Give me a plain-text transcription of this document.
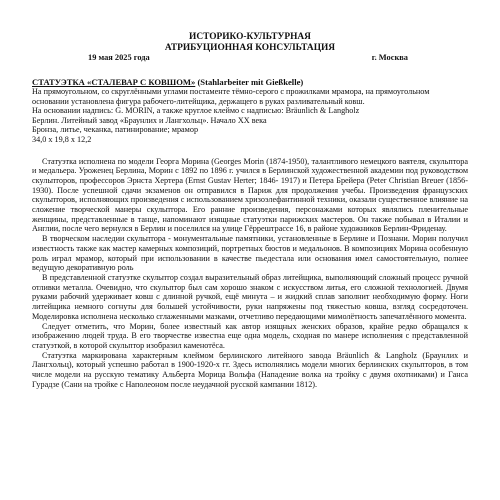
ИСТОРИКО-КУЛЬТУРНАЯ
АТРИБУЦИОННАЯ КОНСУЛЬТАЦИЯ
19 мая 2025 года	г. Москва
СТАТУЭТКА «СТАЛЕВАР С КОВШОМ» (Stahlarbeiter mit Gießkelle)

На прямоугольном, со скруглёнными углами постаменте тёмно-серого с прожилками мрамора, на прямоугольном основании установлена фигура рабочего-литейщика, держащего в руках разливательный ковш.

На основании надпись: G. MORIN, а также круглое клеймо с надписью: Bräunlich & Langholz

Берлин. Литейный завод «Браунлих и Лангхольц». Начало XX века

Бронза, литье, чеканка, патинирование; мрамор

34,0 х 19,8 х 12,2

Статуэтка исполнена по модели Георга Морина (Georges Morin (1874-1950), талантливого немецкого ваятеля, скульптора и медальера. Уроженец Берлина, Морин с 1892 по 1896 г. учился в Берлинской художественной академии под руководством скульпторов, профессоров Эрнста Хертера (Ernst Gustav Herter; 1846- 1917) и Петера Брейера (Peter Christian Breuer (1856-1930). После успешной сдачи экзаменов он отправился в Париж для продолжения учебы. Произведения французских скульпторов, исполняющих произведения с использованием хризоэлефантинной техники, оказали существенное влияние на сложение творческой манеры скульптора. Его ранние произведения, персонажами которых являлись пленительные женщины, представленные в танце, напоминают изящные статуэтки парижских мастеров. Он также побывал в Италии и Англии, после чего вернулся в Берлин и поселился на улице Гёррештрассе 16, в районе художников Берлин-Фриденау.

В творческом наследии скульптора - монументальные памятники, установленные в Берлине и Познани. Морин получил известность также как мастер камерных композиций, портретных бюстов и медальонов. В композициях Морина особенную роль играл мрамор, который при использовании в качестве пьедестала или основания имел самостоятельную, полнее ведущую декоративную роль

В представленной статуэтке скульптор создал выразительный образ литейщика, выполняющий сложный процесс ручной отливки металла. Очевидно, что скульптор был сам хорошо знаком с искусством литья, его сложной технологией. Двумя руками рабочий удерживает ковш с длинной ручкой, ещё минута – и жидкий сплав заполнит необходимую форму. Ноги литейщика немного согнуты для большей устойчивости, руки напряжены под тяжестью ковша, взгляд сосредоточен. Моделировка исполнена несколько сглаженными мазками, отчетливо передающими мимолётность запечатлённого момента.

Следует отметить, что Морин, более известный как автор изящных женских образов, крайне редко обращался к изображению людей труда. В его творчестве известна еще одна модель, сходная по манере исполнения с представленной статуэткой, в которой скульптор изобразил каменотёса.

Статуэтка маркирована характерным клеймом берлинского литейного завода Bräunlich & Langholz (Браунлих и Лангхольц), который успешно работал в 1900-1920-х гг. Здесь исполнялись модели многих берлинских скульпторов, в том числе модели на русскую тематику Альберта Морица Вольфа (Нападение волка на тройку с двумя охотниками) и Ганса Гурадзе (Сани на тройке с Наполеоном после неудачной русской кампании 1812).
